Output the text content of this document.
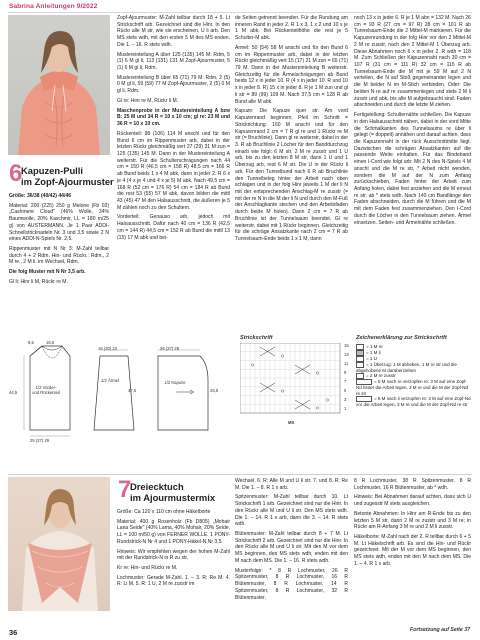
Sabrina Anleitungen 9/2022
6
Kapuzen-Pulli
im Zopf-Ajourmuster

Größe: 36/38 (40/42) 44/46

Material: 200 (225) 250 g Melone (Fb 03) „Cashmere Cloud" (46% Wolle, 34% Baumwolle, 20% Kaschmir, LL = 180 m/25 g) von AUSTERMANN. Je 1 Paar ADDI-Schnellstricknadeln Nr. 3 und 3,5 sowie 2 N eines ADDI-N-Spiels Nr. 2,5.

Rippenmuster mit N Nr 3: M-Zahl teilbar durch 4 + 2 Rdm. Hin- und Rückr.: Rdm., 2 M re., 2 M li. im Wechsel, Rdm.

Die folg Muster mit N Nr 3,5 arb.

Gl li: Hinr li M, Rückr re M.

Zopf-Ajourmuster: M-Zahl teilbar durch 18 + 5. Lt Strickschrift arb. Gezeichnet sind die Hinr. In den Rückr alle M str, wie sie erscheinen, U li arb. Den MS stets wdh, mit den ersten 5 M des MS enden. Die 1. – 16. R stets wdh.

Mustereinteilung A über 125 (135) 145 M: Rdm, 5 (1) 6 M gl li, 113 (131) 131 M Zopf-Ajourmuster, 5 (1) 6 M gl li, Rdm.

Mustereinteilung B über 65 (71) 79 M: Rdm, 2 (5) 0 M gl li, 59 (59) 77 M Zopf-Ajourmuster, 2 (5) 0 M gl li, Rdm.

Gl re: Hinr re M, Rückr li M.

Maschenprobe in der Mustereinteilung A bzw B: 25 M und 34 R = 10 x 10 cm; gl re: 23 M und 36 R = 10 x 10 cm.

Rückenteil: 98 (106) 114 M anschl und für den Bund 6 cm im Rippenmuster arb, dabei in der letzten Rückr gleichmäßig vert 27 (29) 31 M zun = 125 (135) 145 M. Dann in der Mustereinteilung A weiterstr. Für die Schulterschrägungen nach 44 cm = 150 R (46,5 cm = 158 R) 48,5 cm = 166 R ab Bund beids 1 x 4 M abk, dann in jeder 2. R 6 x je 4 (4 x je 4 und 4 x je 5) M abk. Nach 49,5 cm = 168 R (52 cm = 176 R) 54 cm = 184 R ab Bund die rest 53 (55) 57 M abk, davon bilden die mittl 43 (45) 47 M den Halsausschnitt, die äußeren je 5 M zählen noch zu den Schultern.

Vorderteil: Genauso arb, jedoch mit Halsausschnitt. Dafür nach 40 cm = 136 R (42,5 cm = 144 R) 44,5 cm = 152 R ab Bund die mittl 13 (15) 17 M abk und bei-

de Seiten getrennt beenden. Für die Rundung am inneren Rand in jeder 2. R 1 x 3, 1 x 2 und 10 x je 1 M abk. Bei Rückenteilhöhe die rest je 5 Schulter-M abk.

Ärmel: 50 (54) 58 M anschl und für den Bund 6 cm im Rippenmuster arb, dabei in der letzten Rückr gleichmäßig vert 15 (17) 21 M zun = 65 (71) 79 M. Dann in der Mustereinteilung B weiterstr. Gleichzeitig für die Ärmelschrägungen ab Bund beids 12 x in jeder 10. R (4 x in jeder 10. R und 10 x in jeder 8. R) 15 x in jeder 8. R je 1 M zun und gl li str = 89 (99) 109 M. Nach 37,5 cm = 128 R ab Bund alle M abk.

Kapuze: Die Kapuze quer str. Am vord Kapuzenrand beginnen; Pfeil im Schnitt = Strickrichtung: 160 M anschl und für den Kapuzenrand 2 cm = 7 R gl re und 1 Rückr re M str (= Bruchlinie). Dann gl re weiterstr, dabei in der 3. R ab Bruchlinie 2 Löcher für den Banddurchzug einarb wie folgt: 6 M str, 2 M re zusstr und 1 U arb, bis zu den letzten 8 M str, dann 1 U und 1 Überzug arb, rest 6 M str. Die U in der Rückr li arb. Für den Tunnelbund nach 6 R ab Bruchlinie den Tunnelbeleg hinter der Arbeit nach oben schlagen und in der folg Hinr jeweils 1 M der li N mit der entsprechenden Anschlag-M re zusstr (= mit der re N in die M der li N und durch den M-Fuß der Anschlagkante stechen und den Arbeitsfaden durch beide M holen). Dann 2 cm = 7 R ab Bruchlinie ist der Tunnelsaum beendet. Gl re weiterstr, dabei mit 1 Rückr beginnen. Gleichzeitig für die schräge Ansatzkante nach 2 cm = 7 R ab Tunnelsaum-Ende beids 1 x 1 M, dann

noch 13 x in jeder 6. R je 1 M abn = 132 M. Nach 26 cm = 93 R (27 cm = 97 R) 28 cm = 101 R ab Tunnelsaum-Ende die 2 Mittel-M markieren. Für die Kapuzenrundung in der folg Hinr vor den 2 Mittel-M 2 M re zusstr, nach den 2 Mittel-M 1 Überzug arb. Diese Abnahmen noch 6 x in jeder 2. R wdh = 118 M. Zum Schließen der Kapuzennaht nach 30 cm = 107 R (31 cm = 111 R) 32 cm = 115 R ab Tunnelsaum-Ende die M mit je 59 M auf 2 N verteilen, die N auf Stoß gegeneinander legen und die M beider N im M-Stich verbinden. Oder: Die beiden N re auf re zusammenlegen und stets 2 M li zusstr und abk, bis alle M aufgebraucht sind. Faden abschneiden und durch die letzte M ziehen.

Fertigstellung: Schulternähte schließen. Die Kapuze in den Halsausschnitt nähen, dabei in der vord Mitte die Schmalkanten des Tunnelsaums re über li gelegt (= doppelt) annähen und darauf achten, dass die Kapuzennaht in der rück Ausschnittmitte liegt. Dazwischen die schrägen Ansatzkanten auf die passende Weite einhalten. Für das Bindeband einen I-Cord wie folgt arb: Mit 2 N des N-Spiels 4 M anschl und die M re str, * Arbeit nicht wenden, sondern die M auf der N zum Anfang zurückschieben, Faden hinter der Arbeit zum Anfang holen, dabei fest anziehen und die M erneut re str, ab * stets wdh. Nach 140 cm Bandlänge den Faden abschneiden, durch die M führen und die M mit dem Faden fest zusammenziehen. Den I-Cord durch die Löcher in den Tunnelsaum ziehen. Ärmel einsetzen. Seiten- und Ärmelnähte schließen.

1/2 Vorder- und Rückenteil
1/2 Ärmel	1/2 Kapuze
25 (27) 29
16 (20) 22
37,5
26 (27) 28
25,5
44,5
8,5	16,5
Strickschrift
15
13
11
9
7
5
3
1
MS
Zeichenerklärung zur Strickschrift
= 1 M re
= 1 M li
= 1 U
= 1 Überzug: 1 M abheben, 1 M re str und die abgehobene M darüberziehen
= 2 M re zusstr
= 6 M nach re verzopfen re: 3 M auf eine Zopf-Nd hinter die Arbeit legen, 3 M re und die M der Zopf-Nd re str
= 6 M nach li verzopfen re: 3 M auf eine Zopf-Nd vor die Arbeit legen, 3 M re und die M der Zopf-Nd re str
7
Dreiecktuch
im Ajourmustermix

Größe: Ca 120 x 110 cm ohne Häkelborte

Material: 400 g Rosenholz (Fb D805) „Mohair Lana Seide" (40% Lama, 40% Mohair, 20% Seide, LL = 100 m/50 g) von FERNER WOLLE. 1 PONY-Rundstrick-N Nr 4 und 1 PONY-Häkel-N Nr 3,5.

Hinweis: Wir empfehlen wegen der hohen M-Zahl mit der Rundstrick-N in R zu str.

Kr re: Hin- und Rückr re M.

Lochmuster: Gerade M-Zahl. 1. – 3. R: Re M. 4. R: Li M. 5. R: 1 U, 2 M re zusstr im

Wechsel. 6. R: Alle M und U li str. 7. und 8. R: Re M. Die 1. – 8. R 1 x arb.

Spitzenmuster: M-Zahl teilbar durch 10. Lt Strickschrift 1 arb. Gezeichnet sind nur die Hinr. In den Rückr alle M und U li str. Den MS stets wdh. Die 1. – 14. R 1 x arb, dann die 3. – 14. R stets wdh.

Blütenmuster: M-Zahl teilbar durch 8 + 7 M. Lt Strickschrift 2 arb. Gezeichnet sind nur die Hinr. In den Rückr alle M und U li str. Mit den M vor dem MS beginnen, den MS stets wdh, enden mit den M nach dem MS. Die 1. – 16. R stets wdh.

Musterfolge: * 8 R Lochmuster, 26 R Spitzenmuster, 8 R Lochmuster, 16 R Blütenmuster, 8 R Lochmuster, 14 R Spitzenmuster, 8 R Lochmuster, 32 R Blütenmuster,

8 R Lochmuster, 38 R Spitzenmuster, 8 R Lochmuster, 16 R Blütenmuster, ab * wdh.

Hinweis: Bei Abnahmen darauf achten, dass sich U und zugesstr M stets ausgleichen.

Betonte Abnahmen: In Hinr am R-Ende bis zu den letzten 5 M str, dann 2 M re zusstr und 3 M re; in Rückr am R-Anfang 3 M re und 2 M li zusstr.

Häkelborte: M-Zahl nach der 2. R teilbar durch 6 + 5 M. Lt Häkelschrift arb. Es sind die Hin- und Rückr gezeichnet. Mit der M vor dem MS beginnen, den MS stets wdh, enden mit den M nach dem MS. Die 1. – 4. R 1 x arb.

36	Fortsetzung auf Seite 37
